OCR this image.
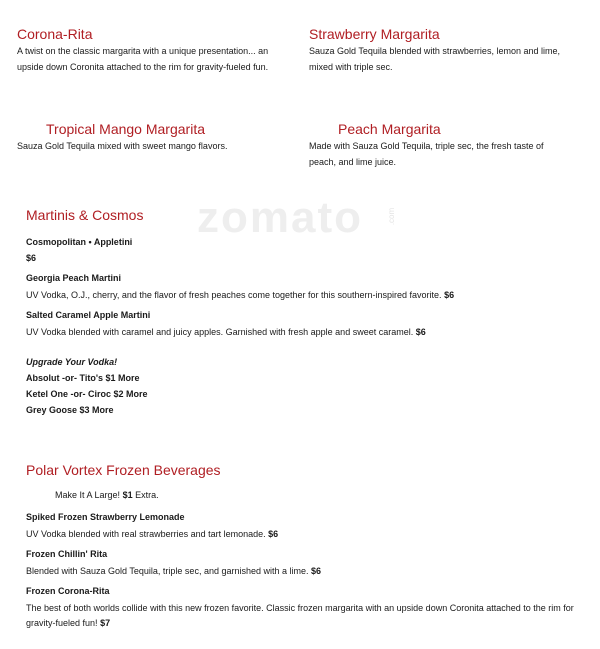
zomato	.com
Corona-Rita
A twist on the classic margarita with a unique presentation... an upside down Coronita attached to the rim for gravity-fueled fun.
Strawberry Margarita
Sauza Gold Tequila blended with strawberries, lemon and lime, mixed with triple sec.
Tropical Mango Margarita
Sauza Gold Tequila mixed with sweet mango flavors.
Peach Margarita
Made with Sauza Gold Tequila, triple sec, the fresh taste of peach, and lime juice.
Martinis & Cosmos
Cosmopolitan • Appletini
$6
Georgia Peach Martini
UV Vodka, O.J., cherry, and the flavor of fresh peaches come together for this southern-inspired favorite. $6
Salted Caramel Apple Martini
UV Vodka blended with caramel and juicy apples. Garnished with fresh apple and sweet caramel. $6
Upgrade Your Vodka!
Absolut -or- Tito's $1 More
Ketel One -or- Ciroc $2 More
Grey Goose $3 More
Polar Vortex Frozen Beverages
Make It A Large! $1 Extra.
Spiked Frozen Strawberry Lemonade
UV Vodka blended with real strawberries and tart lemonade. $6
Frozen Chillin' Rita
Blended with Sauza Gold Tequila, triple sec, and garnished with a lime. $6
Frozen Corona-Rita
The best of both worlds collide with this new frozen favorite. Classic frozen margarita with an upside down Coronita attached to the rim for gravity-fueled fun! $7
